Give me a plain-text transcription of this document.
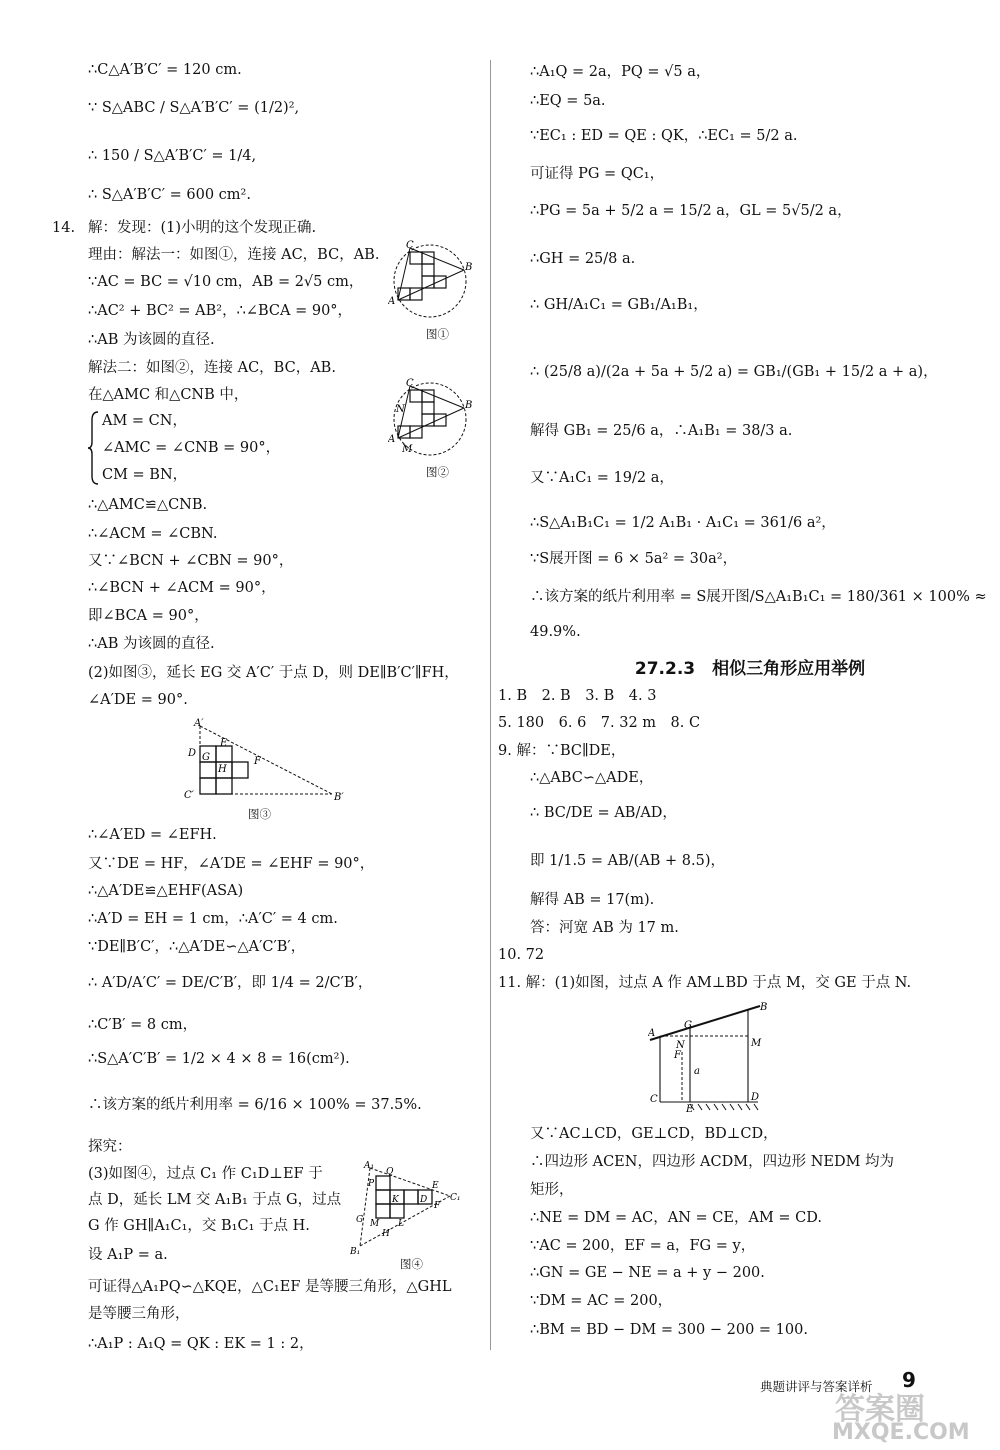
∴C△A′B′C′ = 120 cm.
∵ S△ABC / S△A′B′C′ = (1/2)²,
∴ 150 / S△A′B′C′ = 1/4,
∴ S△A′B′C′ = 600 cm².
14. 解：发现：(1)小明的这个发现正确.
理由：解法一：如图①，连接 AC，BC，AB.
∵AC = BC = √10 cm，AB = 2√5 cm，
∴AC² + BC² = AB²，∴∠BCA = 90°，
∴AB 为该圆的直径.
解法二：如图②，连接 AC，BC，AB.
在△AMC 和△CNB 中，
AM = CN，
∠AMC = ∠CNB = 90°，
CM = BN，
∴△AMC≌△CNB.
∴∠ACM = ∠CBN.
又∵∠BCN + ∠CBN = 90°，
∴∠BCN + ∠ACM = 90°，
即∠BCA = 90°，
∴AB 为该圆的直径.
(2)如图③，延长 EG 交 A′C′ 于点 D，则 DE∥B′C′∥FH，
∠A′DE = 90°.
C
B
A
图①
C
B
A
N
M
图②
A′
D
E
G
H
F
C′	B′
图③
∴∠A′ED = ∠EFH.
又∵DE = HF，∠A′DE = ∠EHF = 90°，
∴△A′DE≌△EHF(ASA)
∴A′D = EH = 1 cm，∴A′C′ = 4 cm.
∵DE∥B′C′，∴△A′DE∽△A′C′B′，
∴ A′D/A′C′ = DE/C′B′，即 1/4 = 2/C′B′，
∴C′B′ = 8 cm，
∴S△A′C′B′ = 1/2 × 4 × 8 = 16(cm²).
∴该方案的纸片利用率 = 6/16 × 100% = 37.5%.
探究：
(3)如图④，过点 C₁ 作 C₁D⊥EF 于
点 D，延长 LM 交 A₁B₁ 于点 G，过点
G 作 GH∥A₁C₁，交 B₁C₁ 于点 H.
设 A₁P = a.
A₁
Q
P
K D
E
C₁
F
G M L
H
B₁
图④
可证得△A₁PQ∽△KQE，△C₁EF 是等腰三角形，△GHL
是等腰三角形，
∴A₁P : A₁Q = QK : EK = 1 : 2，
∴A₁Q = 2a，PQ = √5 a，
∴EQ = 5a.
∵EC₁ : ED = QE : QK，∴EC₁ = 5/2 a.
可证得 PG = QC₁，
∴PG = 5a + 5/2 a = 15/2 a，GL = 5√5/2 a，
∴GH = 25/8 a.
∴ GH/A₁C₁ = GB₁/A₁B₁，
∴ (25/8 a)/(2a + 5a + 5/2 a) = GB₁/(GB₁ + 15/2 a + a)，
解得 GB₁ = 25/6 a，∴A₁B₁ = 38/3 a.
又∵A₁C₁ = 19/2 a，
∴S△A₁B₁C₁ = 1/2 A₁B₁ · A₁C₁ = 361/6 a²，
∵S展开图 = 6 × 5a² = 30a²，
∴该方案的纸片利用率 = S展开图/S△A₁B₁C₁ = 180/361 × 100% ≈
49.9%.
27.2.3　相似三角形应用举例
1. B　2. B　3. B　4. 3
5. 180　6. 6　7. 32 m　8. C
9. 解：∵BC∥DE，
∴△ABC∽△ADE，
∴ BC/DE = AB/AD，
即 1/1.5 = AB/(AB + 8.5)，
解得 AB = 17(m).
答：河宽 AB 为 17 m.
10. 72
11. 解：(1)如图，过点 A 作 AM⊥BD 于点 M，交 GE 于点 N.
A
G
B
N
F
M
a
C
E
D
又∵AC⊥CD，GE⊥CD，BD⊥CD，
∴四边形 ACEN，四边形 ACDM，四边形 NEDM 均为
矩形，
∴NE = DM = AC，AN = CE，AM = CD.
∵AC = 200，EF = a，FG = y，
∴GN = GE − NE = a + y − 200.
∵DM = AC = 200，
∴BM = BD − DM = 300 − 200 = 100.
典题讲评与答案详析 9
答案圈
MXQE.COM
